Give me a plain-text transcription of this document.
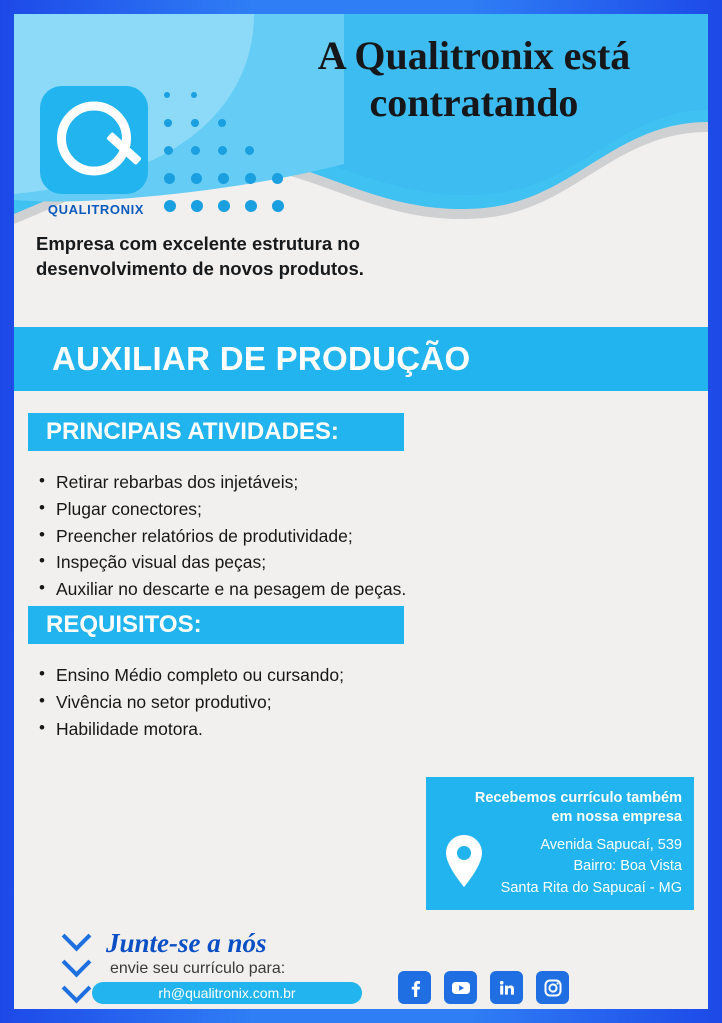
QUALITRONIX
A Qualitronix está
contratando
Empresa com excelente estrutura no desenvolvimento de novos produtos.
AUXILIAR DE PRODUÇÃO
PRINCIPAIS ATIVIDADES:
• Retirar rebarbas dos injetáveis;
• Plugar conectores;
• Preencher relatórios de produtividade;
• Inspeção visual das peças;
• Auxiliar no descarte e na pesagem de peças.
REQUISITOS:
• Ensino Médio completo ou cursando;
• Vivência no setor produtivo;
• Habilidade motora.
Recebemos currículo também
em nossa empresa
Avenida Sapucaí, 539
Bairro: Boa Vista
Santa Rita do Sapucaí - MG
Junte-se a nós
envie seu currículo para:
rh@qualitronix.com.br
